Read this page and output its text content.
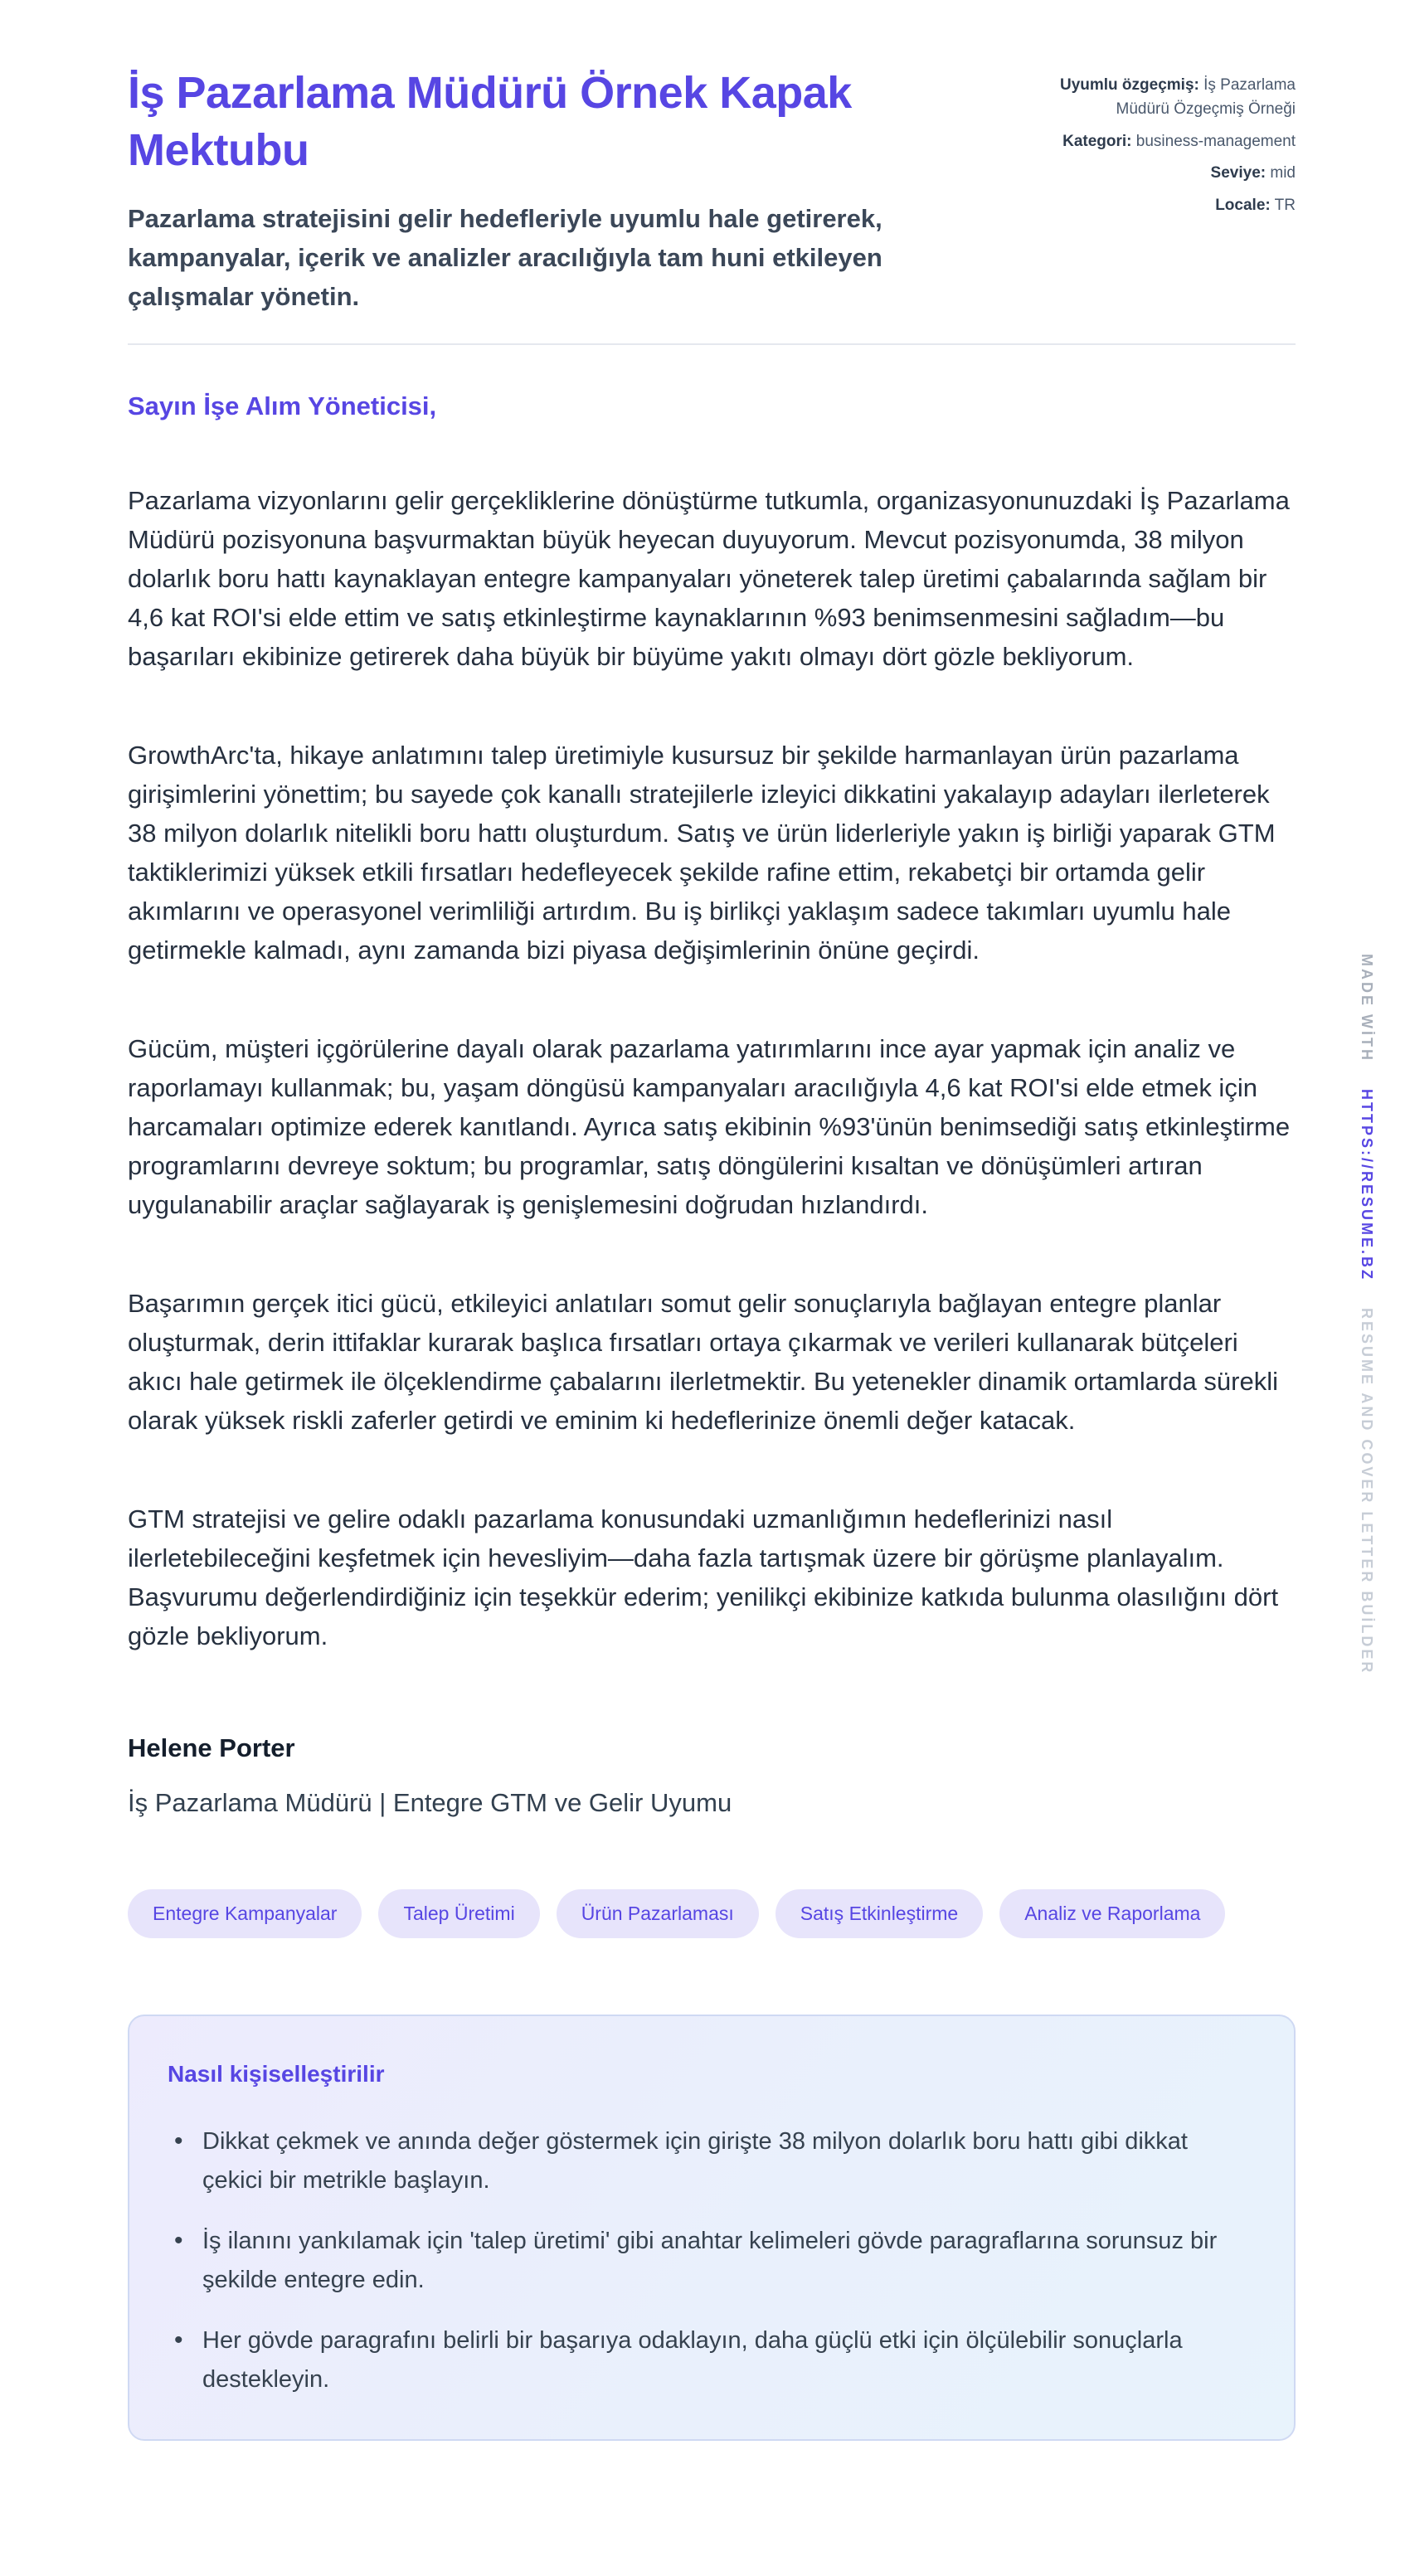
İş Pazarlama Müdürü Örnek Kapak Mektubu

Pazarlama stratejisini gelir hedefleriyle uyumlu hale getirerek, kampanyalar, içerik ve analizler aracılığıyla tam huni etkileyen çalışmalar yönetin.

Uyumlu özgeçmiş: İş Pazarlama Müdürü Özgeçmiş Örneği
Kategori: business-management
Seviye: mid
Locale: TR

Sayın İşe Alım Yöneticisi,

Pazarlama vizyonlarını gelir gerçekliklerine dönüştürme tutkumla, organizasyonunuzdaki İş Pazarlama Müdürü pozisyonuna başvurmaktan büyük heyecan duyuyorum. Mevcut pozisyonumda, 38 milyon dolarlık boru hattı kaynaklayan entegre kampanyaları yöneterek talep üretimi çabalarında sağlam bir 4,6 kat ROI'si elde ettim ve satış etkinleştirme kaynaklarının %93 benimsenmesini sağladım—bu başarıları ekibinize getirerek daha büyük bir büyüme yakıtı olmayı dört gözle bekliyorum.

GrowthArc'ta, hikaye anlatımını talep üretimiyle kusursuz bir şekilde harmanlayan ürün pazarlama girişimlerini yönettim; bu sayede çok kanallı stratejilerle izleyici dikkatini yakalayıp adayları ilerleterek 38 milyon dolarlık nitelikli boru hattı oluşturdum. Satış ve ürün liderleriyle yakın iş birliği yaparak GTM taktiklerimizi yüksek etkili fırsatları hedefleyecek şekilde rafine ettim, rekabetçi bir ortamda gelir akımlarını ve operasyonel verimliliği artırdım. Bu iş birlikçi yaklaşım sadece takımları uyumlu hale getirmekle kalmadı, aynı zamanda bizi piyasa değişimlerinin önüne geçirdi.

Gücüm, müşteri içgörülerine dayalı olarak pazarlama yatırımlarını ince ayar yapmak için analiz ve raporlamayı kullanmak; bu, yaşam döngüsü kampanyaları aracılığıyla 4,6 kat ROI'si elde etmek için harcamaları optimize ederek kanıtlandı. Ayrıca satış ekibinin %93'ünün benimsediği satış etkinleştirme programlarını devreye soktum; bu programlar, satış döngülerini kısaltan ve dönüşümleri artıran uygulanabilir araçlar sağlayarak iş genişlemesini doğrudan hızlandırdı.

Başarımın gerçek itici gücü, etkileyici anlatıları somut gelir sonuçlarıyla bağlayan entegre planlar oluşturmak, derin ittifaklar kurarak başlıca fırsatları ortaya çıkarmak ve verileri kullanarak bütçeleri akıcı hale getirmek ile ölçeklendirme çabalarını ilerletmektir. Bu yetenekler dinamik ortamlarda sürekli olarak yüksek riskli zaferler getirdi ve eminim ki hedeflerinize önemli değer katacak.

GTM stratejisi ve gelire odaklı pazarlama konusundaki uzmanlığımın hedeflerinizi nasıl ilerletebileceğini keşfetmek için hevesliyim—daha fazla tartışmak üzere bir görüşme planlayalım. Başvurumu değerlendirdiğiniz için teşekkür ederim; yenilikçi ekibinize katkıda bulunma olasılığını dört gözle bekliyorum.

Helene Porter

İş Pazarlama Müdürü | Entegre GTM ve Gelir Uyumu

Entegre Kampanyalar	Talep Üretimi	Ürün Pazarlaması	Satış Etkinleştirme	Analiz ve Raporlama
Nasıl kişiselleştirilir
• Dikkat çekmek ve anında değer göstermek için girişte 38 milyon dolarlık boru hattı gibi dikkat çekici bir metrikle başlayın.
• İş ilanını yankılamak için 'talep üretimi' gibi anahtar kelimeleri gövde paragraflarına sorunsuz bir şekilde entegre edin.
• Her gövde paragrafını belirli bir başarıya odaklayın, daha güçlü etki için ölçülebilir sonuçlarla destekleyin.
MADE WİTH HTTPS://RESUME.BZ RESUME AND COVER LETTER BUİLDER
